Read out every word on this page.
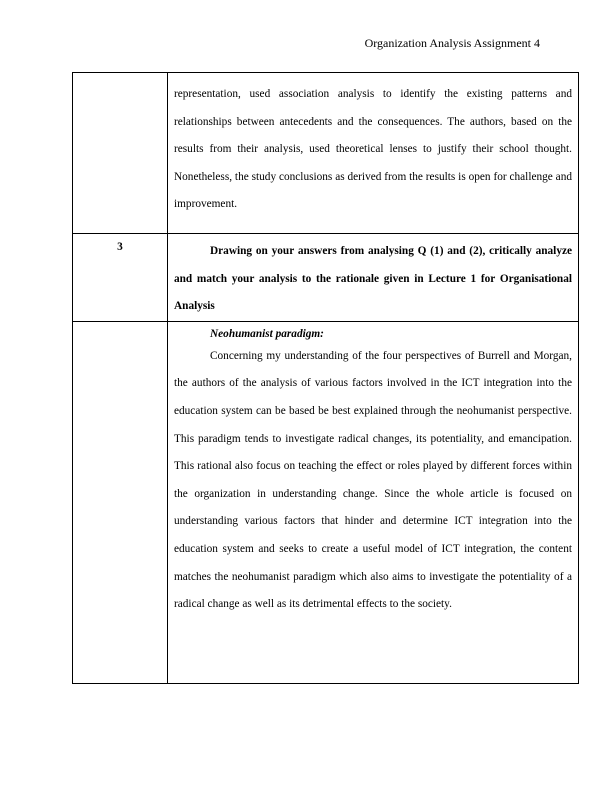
Organization Analysis Assignment 4

	representation, used association analysis to identify the existing patterns and relationships between antecedents and the consequences. The authors, based on the results from their analysis, used theoretical lenses to justify their school thought. Nonetheless, the study conclusions as derived from the results is open for challenge and improvement.

3	Drawing on your answers from analysing Q (1) and (2), critically analyze and match your analysis to the rationale given in Lecture 1 for Organisational Analysis

	Neohumanist paradigm:

Concerning my understanding of the four perspectives of Burrell and Morgan, the authors of the analysis of various factors involved in the ICT integration into the education system can be based be best explained through the neohumanist perspective. This paradigm tends to investigate radical changes, its potentiality, and emancipation. This rational also focus on teaching the effect or roles played by different forces within the organization in understanding change. Since the whole article is focused on understanding various factors that hinder and determine ICT integration into the education system and seeks to create a useful model of ICT integration, the content matches the neohumanist paradigm which also aims to investigate the potentiality of a radical change as well as its detrimental effects to the society.
